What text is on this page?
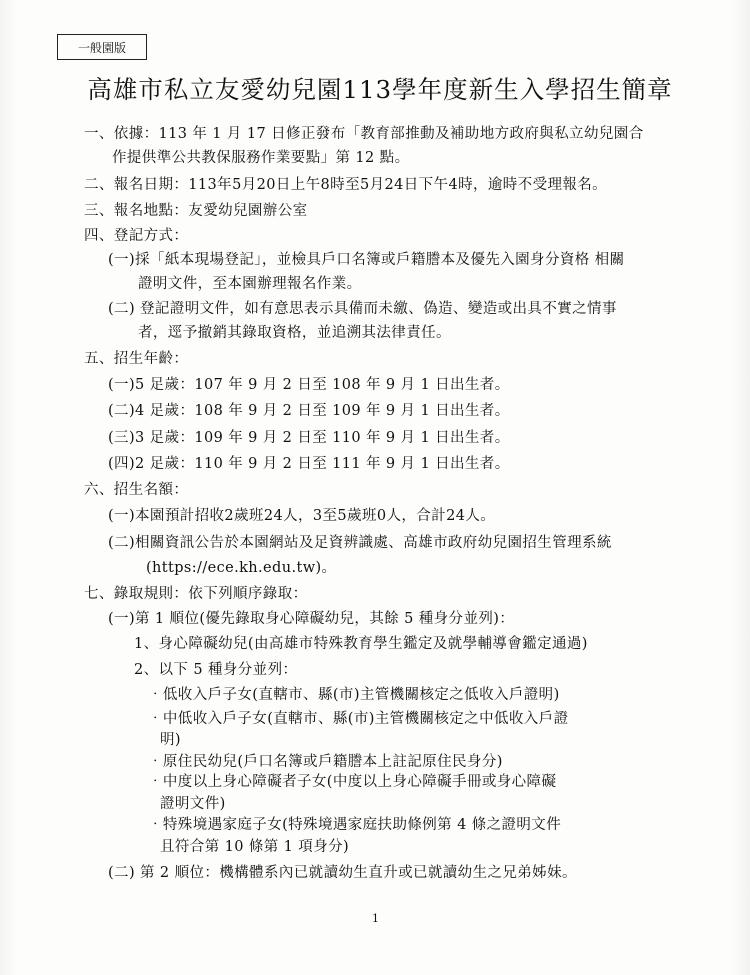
一般園版
高雄市私立友愛幼兒園113學年度新生入學招生簡章
一、依據：113 年 1 月 17 日修正發布「教育部推動及補助地方政府與私立幼兒園合
作提供準公共教保服務作業要點」第 12 點。
二、報名日期：113年5月20日上午8時至5月24日下午4時，逾時不受理報名。
三、報名地點：友愛幼兒園辦公室
四、登記方式：
(一)採「紙本現場登記」，並檢具戶口名簿或戶籍謄本及優先入園身分資格 相關
證明文件，至本園辦理報名作業。
(二) 登記證明文件，如有意思表示具備而未繳、偽造、變造或出具不實之情事
者，逕予撤銷其錄取資格，並追溯其法律責任。
五、招生年齡：
(一)5 足歲：107 年 9 月 2 日至 108 年 9 月 1 日出生者。
(二)4 足歲：108 年 9 月 2 日至 109 年 9 月 1 日出生者。
(三)3 足歲：109 年 9 月 2 日至 110 年 9 月 1 日出生者。
(四)2 足歲：110 年 9 月 2 日至 111 年 9 月 1 日出生者。
六、招生名額：
(一)本園預計招收2歲班24人，3至5歲班0人，合計24人。
(二)相關資訊公告於本園網站及足資辨識處、高雄市政府幼兒園招生管理系統
(https://ece.kh.edu.tw)。
七、錄取規則：依下列順序錄取：
(一)第 1 順位(優先錄取身心障礙幼兒，其餘 5 種身分並列)：
1、身心障礙幼兒(由高雄市特殊教育學生鑑定及就學輔導會鑑定通過)
2、以下 5 種身分並列：
‧低收入戶子女(直轄市、縣(市)主管機關核定之低收入戶證明)
‧中低收入戶子女(直轄市、縣(市)主管機關核定之中低收入戶證
明)
‧原住民幼兒(戶口名簿或戶籍謄本上註記原住民身分)
‧中度以上身心障礙者子女(中度以上身心障礙手冊或身心障礙
證明文件)
‧特殊境遇家庭子女(特殊境遇家庭扶助條例第 4 條之證明文件
且符合第 10 條第 1 項身分)
(二) 第 2 順位：機構體系內已就讀幼生直升或已就讀幼生之兄弟姊妹。
1
